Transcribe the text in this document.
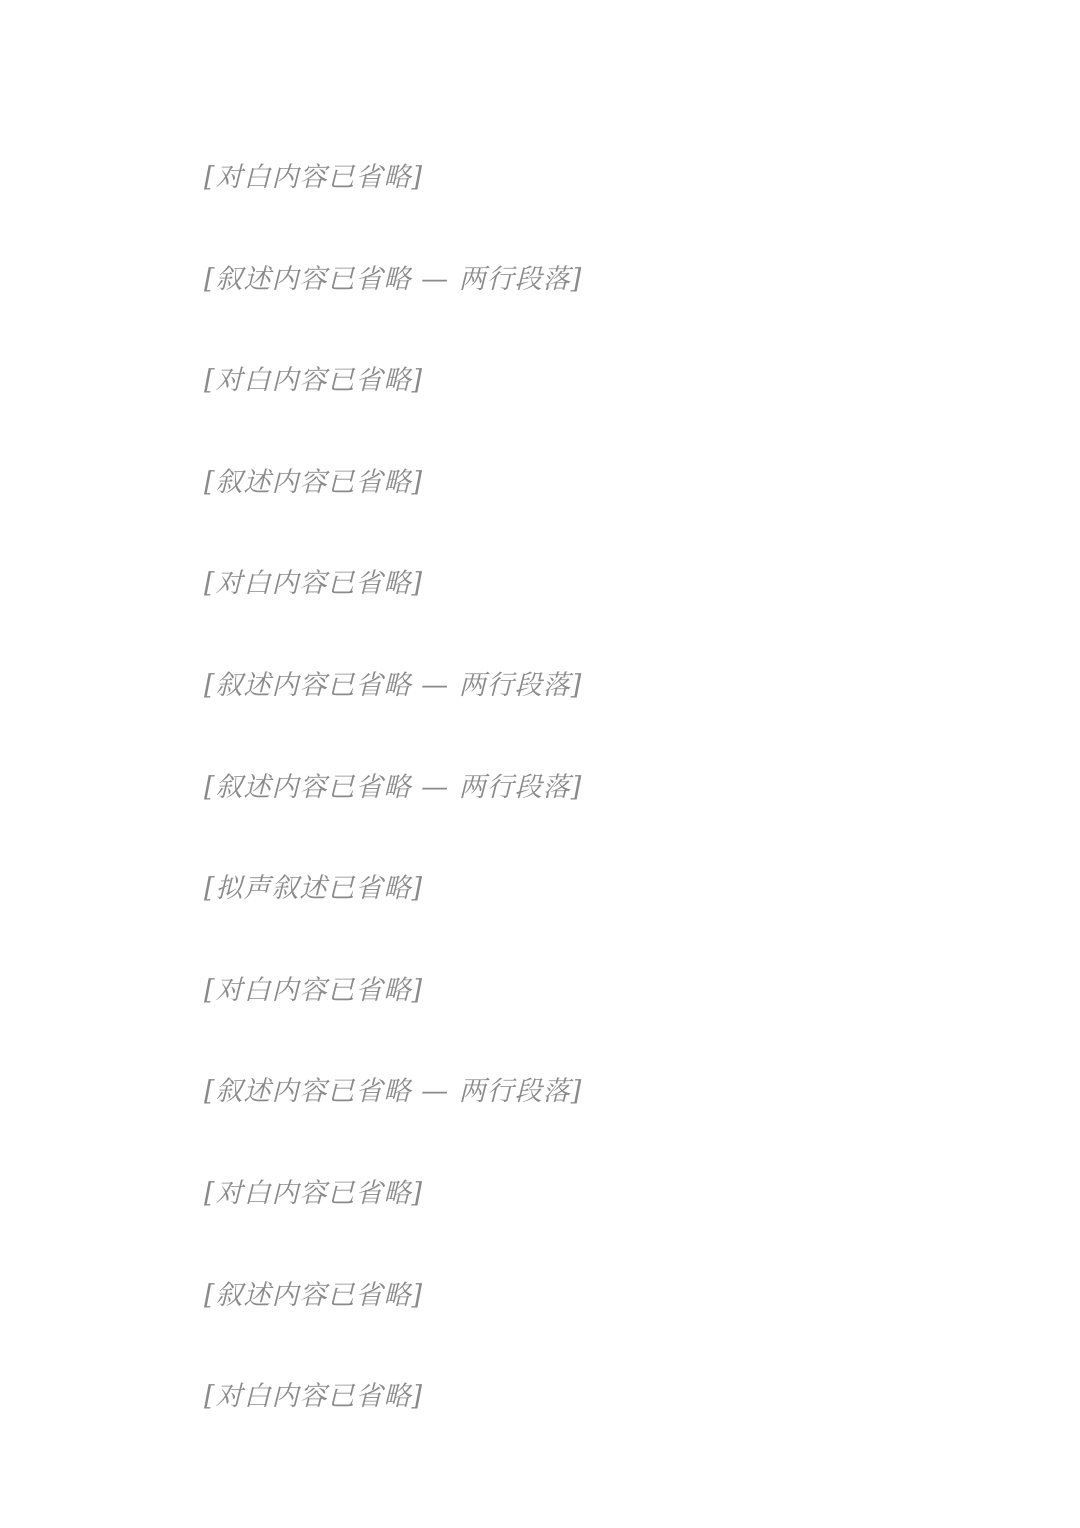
[对白内容已省略]

[叙述内容已省略 — 两行段落]

[对白内容已省略]

[叙述内容已省略]

[对白内容已省略]

[叙述内容已省略 — 两行段落]

[叙述内容已省略 — 两行段落]

[拟声叙述已省略]

[对白内容已省略]

[叙述内容已省略 — 两行段落]

[对白内容已省略]

[叙述内容已省略]

[对白内容已省略]
